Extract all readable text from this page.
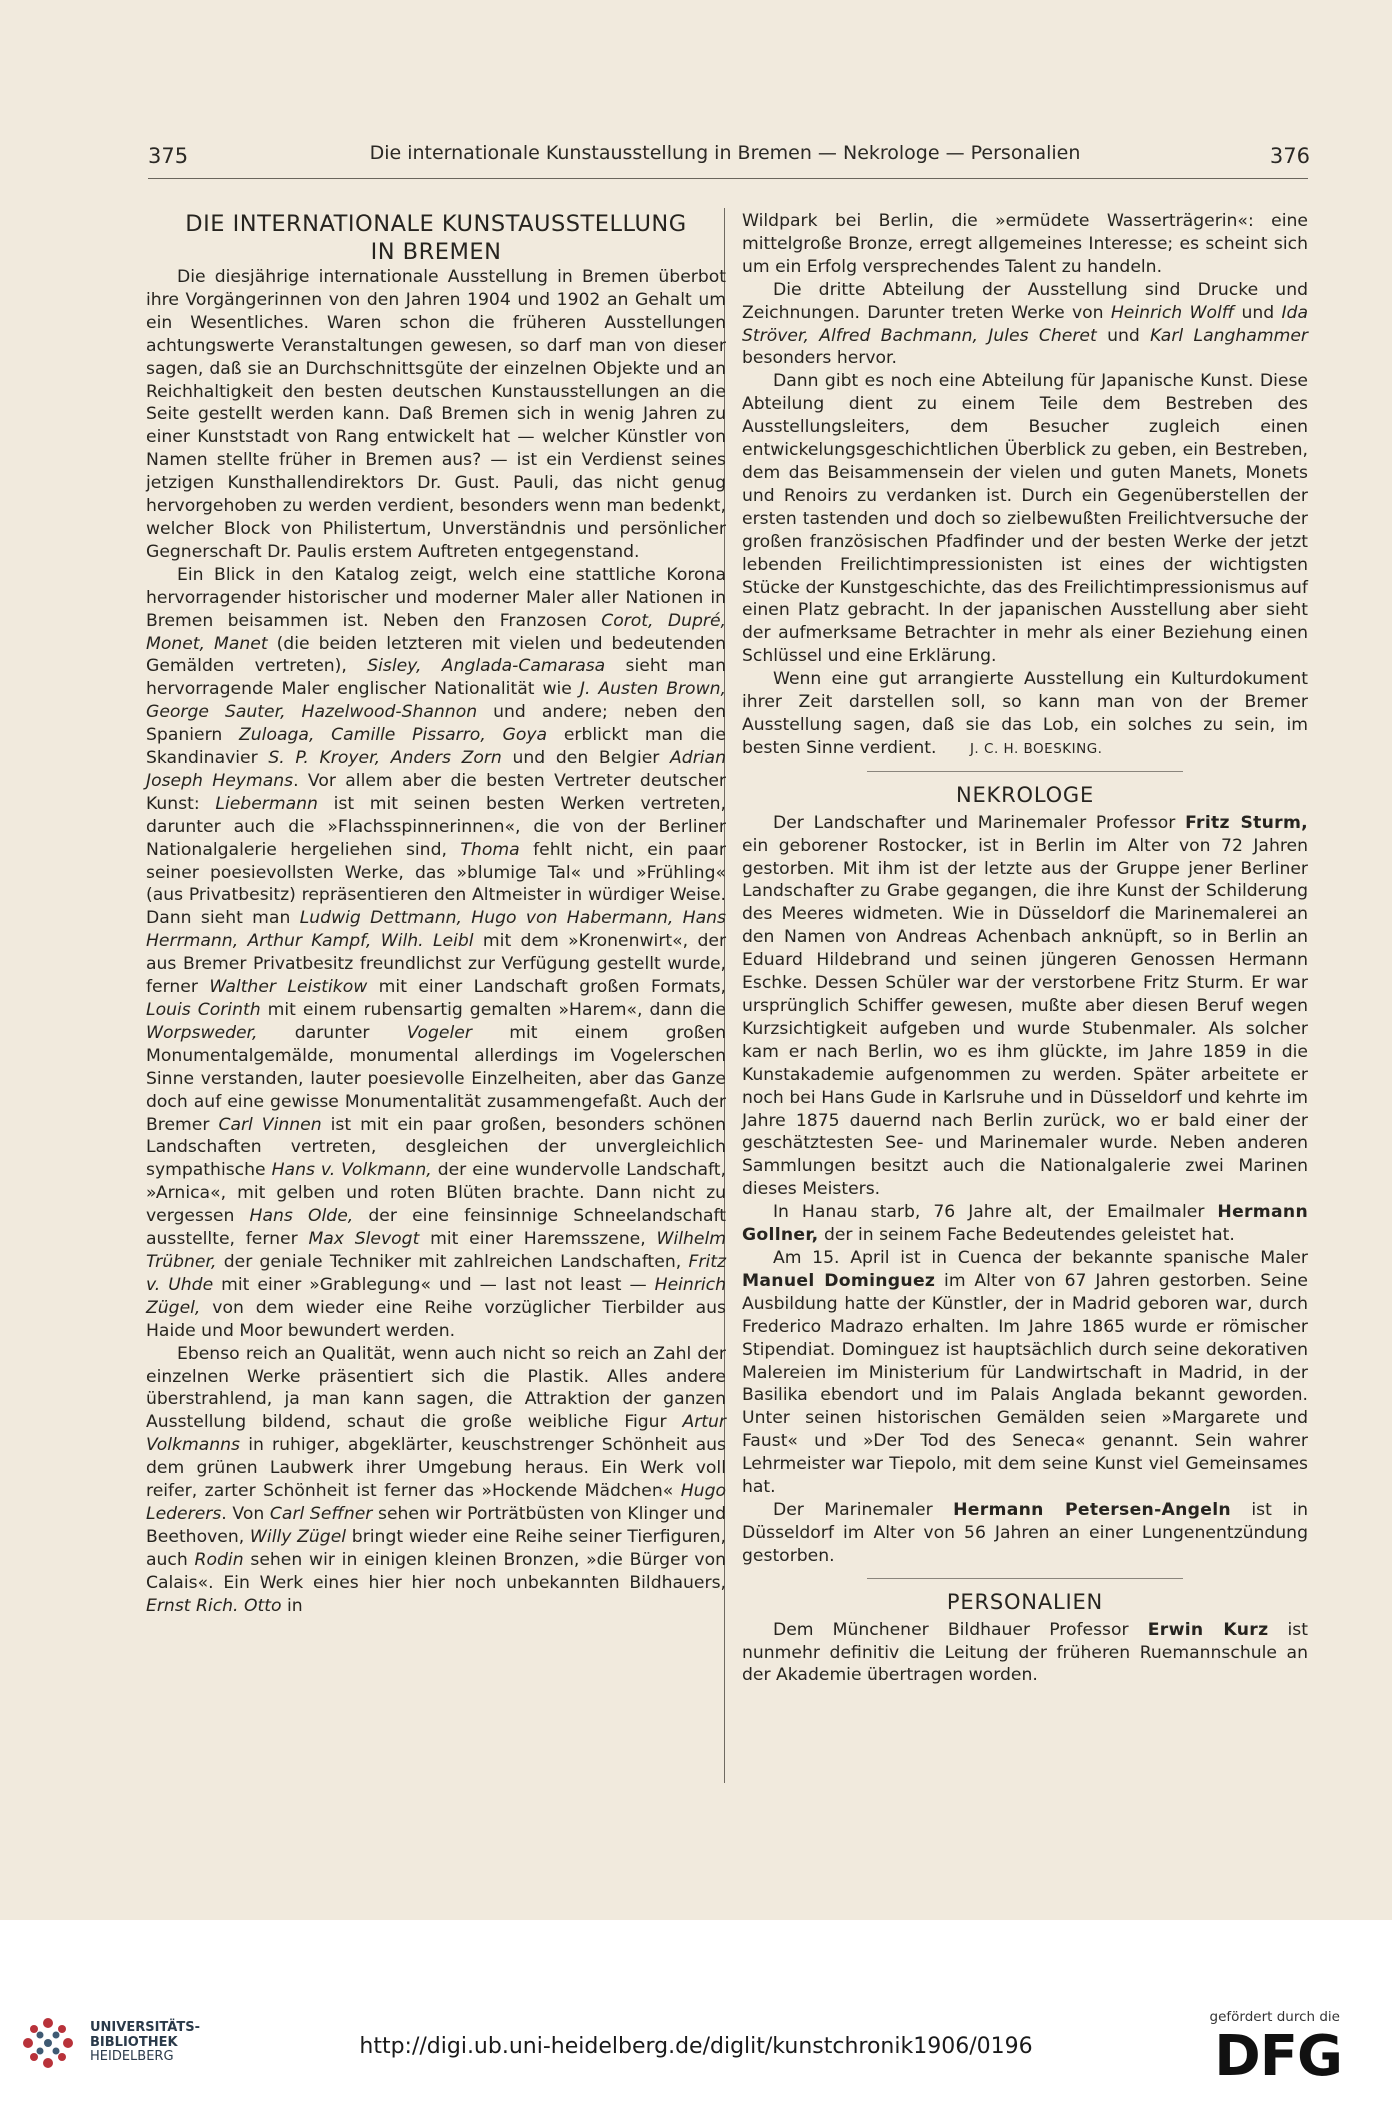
375	Die internationale Kunstausstellung in Bremen — Nekrologe — Personalien	376
DIE INTERNATIONALE KUNSTAUSSTELLUNG
IN BREMEN

Die diesjährige internationale Ausstellung in Bremen überbot ihre Vorgängerinnen von den Jahren 1904 und 1902 an Gehalt um ein Wesentliches. Waren schon die früheren Ausstellungen achtungswerte Veranstaltungen gewesen, so darf man von dieser sagen, daß sie an Durchschnittsgüte der einzelnen Objekte und an Reichhaltigkeit den besten deutschen Kunstausstellungen an die Seite gestellt werden kann. Daß Bremen sich in wenig Jahren zu einer Kunststadt von Rang entwickelt hat — welcher Künstler von Namen stellte früher in Bremen aus? — ist ein Verdienst seines jetzigen Kunsthallendirektors Dr. Gust. Pauli, das nicht genug hervorgehoben zu werden verdient, besonders wenn man bedenkt, welcher Block von Philistertum, Unverständnis und persönlicher Gegnerschaft Dr. Paulis erstem Auftreten entgegenstand.

Ein Blick in den Katalog zeigt, welch eine stattliche Korona hervorragender historischer und moderner Maler aller Nationen in Bremen beisammen ist. Neben den Franzosen Corot, Dupré, Monet, Manet (die beiden letzteren mit vielen und bedeutenden Gemälden vertreten), Sisley, Anglada-Camarasa sieht man hervorragende Maler englischer Nationalität wie J. Austen Brown, George Sauter, Hazelwood-Shannon und andere; neben den Spaniern Zuloaga, Camille Pissarro, Goya erblickt man die Skandinavier S. P. Kroyer, Anders Zorn und den Belgier Adrian Joseph Heymans. Vor allem aber die besten Vertreter deutscher Kunst: Liebermann ist mit seinen besten Werken vertreten, darunter auch die »Flachsspinnerinnen«, die von der Berliner Nationalgalerie hergeliehen sind, Thoma fehlt nicht, ein paar seiner poesievollsten Werke, das »blumige Tal« und »Frühling« (aus Privatbesitz) repräsentieren den Altmeister in würdiger Weise. Dann sieht man Ludwig Dettmann, Hugo von Habermann, Hans Herrmann, Arthur Kampf, Wilh. Leibl mit dem »Kronenwirt«, der aus Bremer Privatbesitz freundlichst zur Verfügung gestellt wurde, ferner Walther Leistikow mit einer Landschaft großen Formats, Louis Corinth mit einem rubensartig gemalten »Harem«, dann die Worpsweder, darunter Vogeler mit einem großen Monumentalgemälde, monumental allerdings im Vogelerschen Sinne verstanden, lauter poesievolle Einzelheiten, aber das Ganze doch auf eine gewisse Monumentalität zusammengefaßt. Auch der Bremer Carl Vinnen ist mit ein paar großen, besonders schönen Landschaften vertreten, desgleichen der unvergleichlich sympathische Hans v. Volkmann, der eine wundervolle Landschaft, »Arnica«, mit gelben und roten Blüten brachte. Dann nicht zu vergessen Hans Olde, der eine feinsinnige Schneelandschaft ausstellte, ferner Max Slevogt mit einer Haremsszene, Wilhelm Trübner, der geniale Techniker mit zahlreichen Landschaften, Fritz v. Uhde mit einer »Grablegung« und — last not least — Heinrich Zügel, von dem wieder eine Reihe vorzüglicher Tierbilder aus Haide und Moor bewundert werden.

Ebenso reich an Qualität, wenn auch nicht so reich an Zahl der einzelnen Werke präsentiert sich die Plastik. Alles andere überstrahlend, ja man kann sagen, die Attraktion der ganzen Ausstellung bildend, schaut die große weibliche Figur Artur Volkmanns in ruhiger, abgeklärter, keuschstrenger Schönheit aus dem grünen Laubwerk ihrer Umgebung heraus. Ein Werk voll reifer, zarter Schönheit ist ferner das »Hockende Mädchen« Hugo Lederers. Von Carl Seffner sehen wir Porträtbüsten von Klinger und Beethoven, Willy Zügel bringt wieder eine Reihe seiner Tierfiguren, auch Rodin sehen wir in einigen kleinen Bronzen, »die Bürger von Calais«. Ein Werk eines hier hier noch unbekannten Bildhauers, Ernst Rich. Otto in

Wildpark bei Berlin, die »ermüdete Wasserträgerin«: eine mittelgroße Bronze, erregt allgemeines Interesse; es scheint sich um ein Erfolg versprechendes Talent zu handeln.

Die dritte Abteilung der Ausstellung sind Drucke und Zeichnungen. Darunter treten Werke von Heinrich Wolff und Ida Ströver, Alfred Bachmann, Jules Cheret und Karl Langhammer besonders hervor.

Dann gibt es noch eine Abteilung für Japanische Kunst. Diese Abteilung dient zu einem Teile dem Bestreben des Ausstellungsleiters, dem Besucher zugleich einen entwickelungsgeschichtlichen Überblick zu geben, ein Bestreben, dem das Beisammensein der vielen und guten Manets, Monets und Renoirs zu verdanken ist. Durch ein Gegenüberstellen der ersten tastenden und doch so zielbewußten Freilichtversuche der großen französischen Pfadfinder und der besten Werke der jetzt lebenden Freilichtimpressionisten ist eines der wichtigsten Stücke der Kunstgeschichte, das des Freilichtimpressionismus auf einen Platz gebracht. In der japanischen Ausstellung aber sieht der aufmerksame Betrachter in mehr als einer Beziehung einen Schlüssel und eine Erklärung.

Wenn eine gut arrangierte Ausstellung ein Kulturdokument ihrer Zeit darstellen soll, so kann man von der Bremer Ausstellung sagen, daß sie das Lob, ein solches zu sein, im besten Sinne verdient. J. C. H. BOESKING.

NEKROLOGE

Der Landschafter und Marinemaler Professor Fritz Sturm, ein geborener Rostocker, ist in Berlin im Alter von 72 Jahren gestorben. Mit ihm ist der letzte aus der Gruppe jener Berliner Landschafter zu Grabe gegangen, die ihre Kunst der Schilderung des Meeres widmeten. Wie in Düsseldorf die Marinemalerei an den Namen von Andreas Achenbach anknüpft, so in Berlin an Eduard Hildebrand und seinen jüngeren Genossen Hermann Eschke. Dessen Schüler war der verstorbene Fritz Sturm. Er war ursprünglich Schiffer gewesen, mußte aber diesen Beruf wegen Kurzsichtigkeit aufgeben und wurde Stubenmaler. Als solcher kam er nach Berlin, wo es ihm glückte, im Jahre 1859 in die Kunstakademie aufgenommen zu werden. Später arbeitete er noch bei Hans Gude in Karlsruhe und in Düsseldorf und kehrte im Jahre 1875 dauernd nach Berlin zurück, wo er bald einer der geschätztesten See- und Marinemaler wurde. Neben anderen Sammlungen besitzt auch die Nationalgalerie zwei Marinen dieses Meisters.

In Hanau starb, 76 Jahre alt, der Emailmaler Hermann Gollner, der in seinem Fache Bedeutendes geleistet hat.

Am 15. April ist in Cuenca der bekannte spanische Maler Manuel Dominguez im Alter von 67 Jahren gestorben. Seine Ausbildung hatte der Künstler, der in Madrid geboren war, durch Frederico Madrazo erhalten. Im Jahre 1865 wurde er römischer Stipendiat. Dominguez ist hauptsächlich durch seine dekorativen Malereien im Ministerium für Landwirtschaft in Madrid, in der Basilika ebendort und im Palais Anglada bekannt geworden. Unter seinen historischen Gemälden seien »Margarete und Faust« und »Der Tod des Seneca« genannt. Sein wahrer Lehrmeister war Tiepolo, mit dem seine Kunst viel Gemeinsames hat.

Der Marinemaler Hermann Petersen-Angeln ist in Düsseldorf im Alter von 56 Jahren an einer Lungenentzündung gestorben.

PERSONALIEN

Dem Münchener Bildhauer Professor Erwin Kurz ist nunmehr definitiv die Leitung der früheren Ruemannschule an der Akademie übertragen worden.

UNIVERSITÄTS-
BIBLIOTHEK
HEIDELBERG	http://digi.ub.uni-heidelberg.de/diglit/kunstchronik1906/0196
gefördert durch die
DFG
